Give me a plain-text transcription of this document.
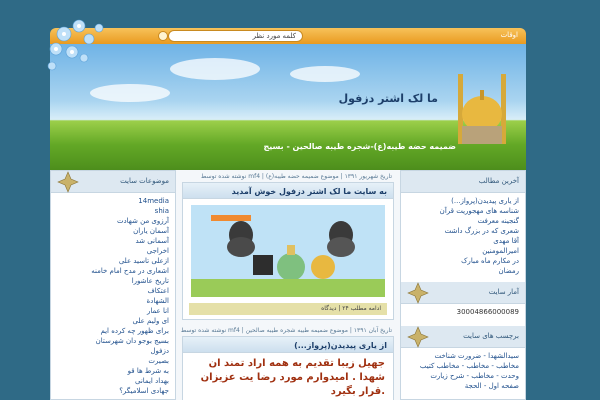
كلمه مورد نظر	اوقات
ما لک اشتر دزفول
ضمیمه حضه طیبه(ع)-شجره طیبه صالحین - بسیج
موضوعات سایت
14media
shia
آرزوی من شهادت
آسمان یاران
آسمانی شد
اخراجی
ازعلی تاسید علی
اشعاری در مدح امام خامنه
تاریخ عاشورا
اعتکاف
الشهادة
انا عمار
ای ولیم علی
برای ظهور چه کرده ایم
بسیج بوجو دان شهرستان
دزفول
بصیرت
به شرط ها قو
بهداد ایمانی
جهادی اسلامیگر؟
نوشته شده توسط mf4 | تاریخ شهریور ۱۳۹۱ | موضوع ضمیمه حضه طیبه(ع)
به سایت ما لک اشتر دزفول خوش آمدید
ادامه مطلب ۲۴ | دیدگاه
نوشته شده توسط mf4 | تاریخ آبان ۱۳۹۱ | موضوع ضمیمه طیبه شجره طیبه صالحین
از یاری پیدیدن(پرواز...)
جهیل زیبا تقدیم به همه اراد تمند ان شهدا . امیدوارم مورد رضا یت عزیزان قرار بگیرد.
آخرین مطالب
از یاری پیدیدن(پرواز...)
شناسه های مهجوریت قرآن
گنجینه معرفت
شعری که در بزرگ داشت
آقا مهدی
امیرالمومنین
در مکارم ماه مبارک
رمضان
آمار سایت
30004866000089
برچسب های سایت
سیدالشهدا - ضرورت شناخت
مخاطب - مخاطب - مخاطب کتیب
وحدت - مخاطب - شرح زیارت
صفحه اول - الحجة
